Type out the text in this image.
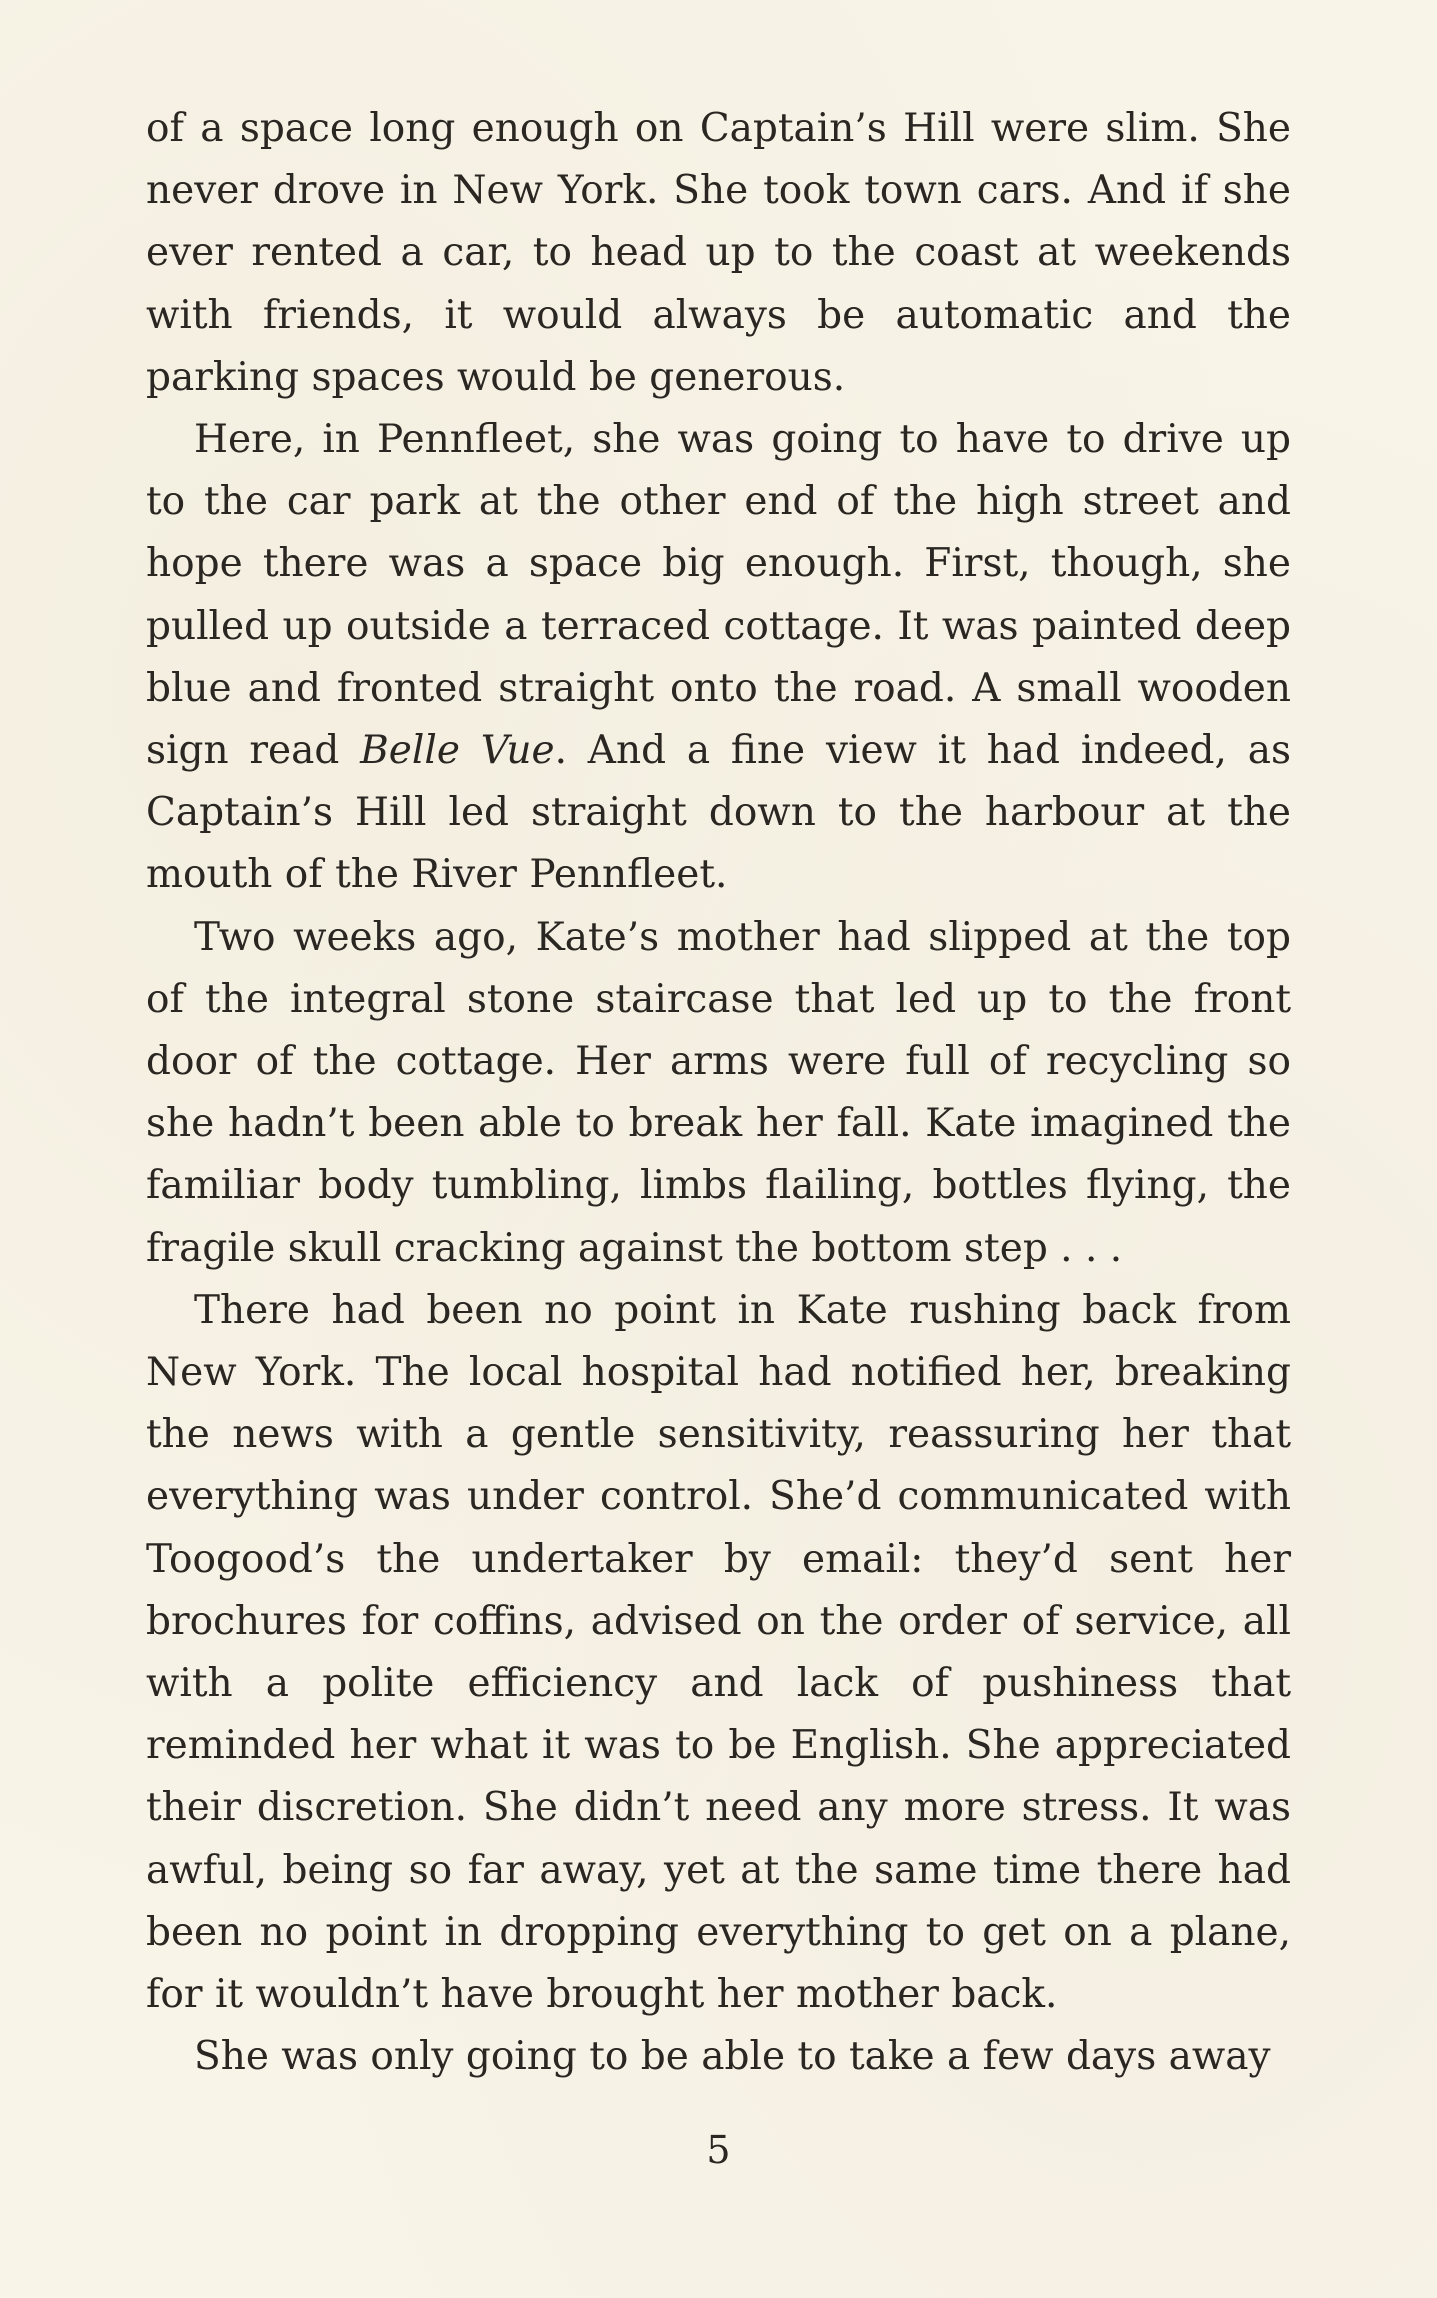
of a space long enough on Captain’s Hill were slim. She never drove in New York. She took town cars. And if she ever rented a car, to head up to the coast at weekends with friends, it would always be automatic and the parking spaces would be generous.

Here, in Pennfleet, she was going to have to drive up to the car park at the other end of the high street and hope there was a space big enough. First, though, she pulled up outside a terraced cottage. It was painted deep blue and fronted straight onto the road. A small wooden sign read Belle Vue. And a fine view it had indeed, as Captain’s Hill led straight down to the harbour at the mouth of the River Pennfleet.

Two weeks ago, Kate’s mother had slipped at the top of the integral stone staircase that led up to the front door of the cottage. Her arms were full of recycling so she hadn’t been able to break her fall. Kate imagined the familiar body tumbling, limbs flailing, bottles flying, the fragile skull cracking against the bottom step . . .

There had been no point in Kate rushing back from New York. The local hospital had notified her, breaking the news with a gentle sensitivity, reassuring her that everything was under control. She’d communicated with Toogood’s the undertaker by email: they’d sent her brochures for coffins, advised on the order of service, all with a polite efficiency and lack of pushiness that reminded her what it was to be English. She appreciated their discretion. She didn’t need any more stress. It was awful, being so far away, yet at the same time there had been no point in dropping everything to get on a plane, for it wouldn’t have brought her mother back.

She was only going to be able to take a few days away

5
